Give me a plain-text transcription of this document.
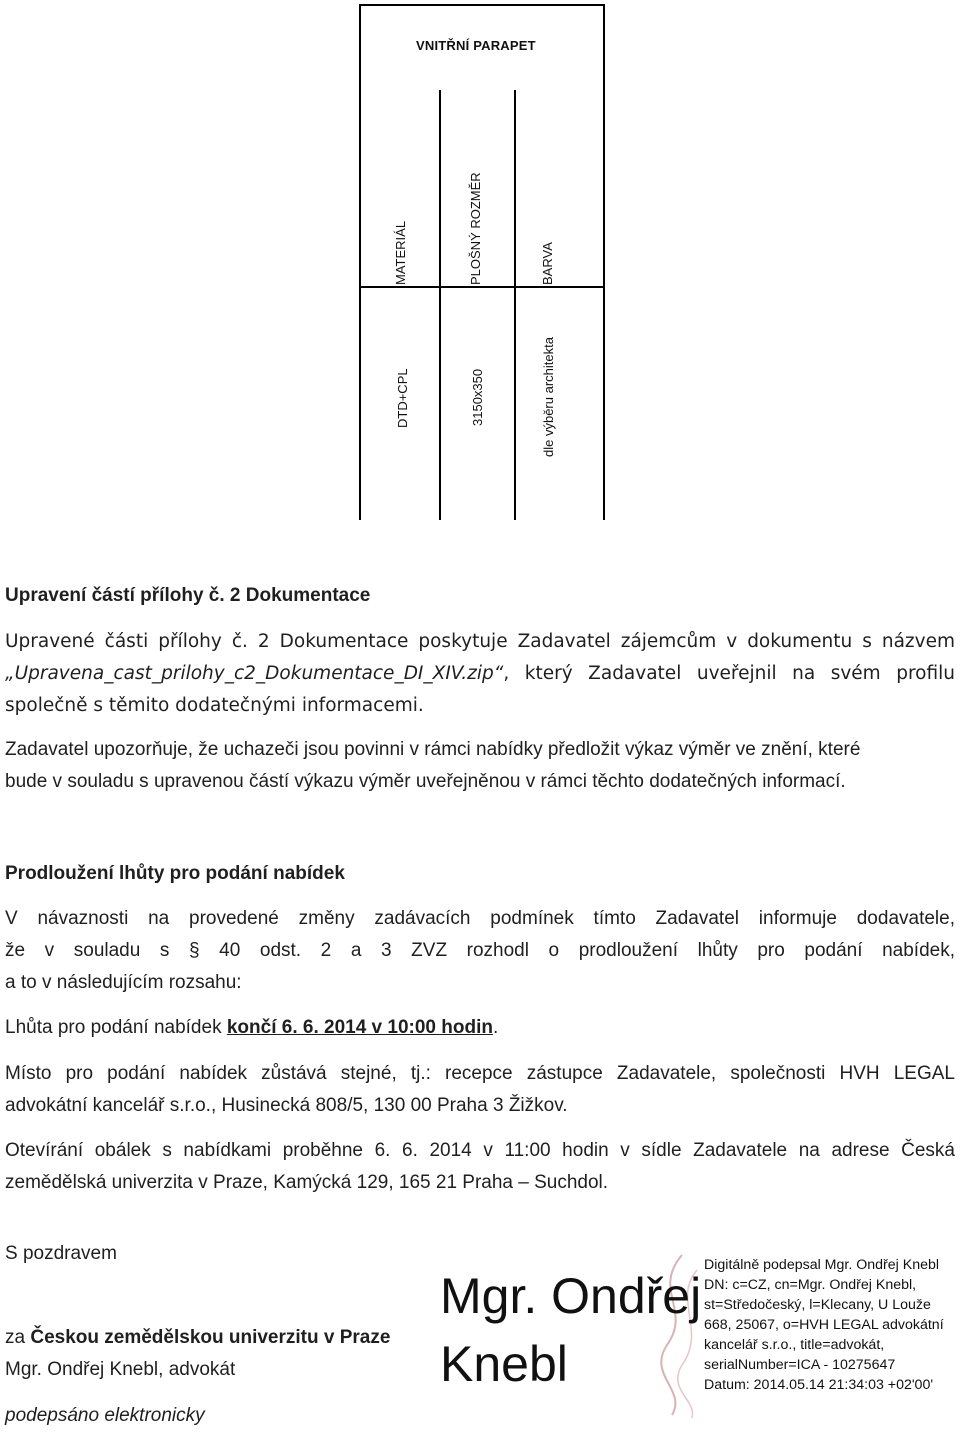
VNITŘNÍ PARAPET
MATERIÁL	PLOŠNÝ ROZMĚR	BARVA
DTD+CPL	3150x350	dle výběru architekta
Upravení částí přílohy č. 2 Dokumentace
Upravené části přílohy č. 2 Dokumentace poskytuje Zadavatel zájemcům v dokumentu s názvem
„Upravena_cast_prilohy_c2_Dokumentace_DI_XIV.zip“, který Zadavatel uveřejnil na svém profilu
společně s těmito dodatečnými informacemi.
Zadavatel upozorňuje, že uchazeči jsou povinni v rámci nabídky předložit výkaz výměr ve znění, které
bude v souladu s upravenou částí výkazu výměr uveřejněnou v rámci těchto dodatečných informací.
Prodloužení lhůty pro podání nabídek
V návaznosti na provedené změny zadávacích podmínek tímto Zadavatel informuje dodavatele,
že v souladu s § 40 odst. 2 a 3 ZVZ rozhodl o prodloužení lhůty pro podání nabídek,
a to v následujícím rozsahu:
Lhůta pro podání nabídek končí 6. 6. 2014 v 10:00 hodin.
Místo pro podání nabídek zůstává stejné, tj.: recepce zástupce Zadavatele, společnosti HVH LEGAL
advokátní kancelář s.r.o., Husinecká 808/5, 130 00 Praha 3 Žižkov.
Otevírání obálek s nabídkami proběhne 6. 6. 2014 v 11:00 hodin v sídle Zadavatele na adrese Česká
zemědělská univerzita v Praze, Kamýcká 129, 165 21 Praha – Suchdol.
S pozdravem
za Českou zemědělskou univerzitu v Praze
Mgr. Ondřej Knebl, advokát
podepsáno elektronicky
Mgr. Ondřej
Knebl
Digitálně podepsal Mgr. Ondřej Knebl
DN: c=CZ, cn=Mgr. Ondřej Knebl,
st=Středočeský, l=Klecany, U Louže
668, 25067, o=HVH LEGAL advokátní
kancelář s.r.o., title=advokát,
serialNumber=ICA - 10275647
Datum: 2014.05.14 21:34:03 +02'00'
